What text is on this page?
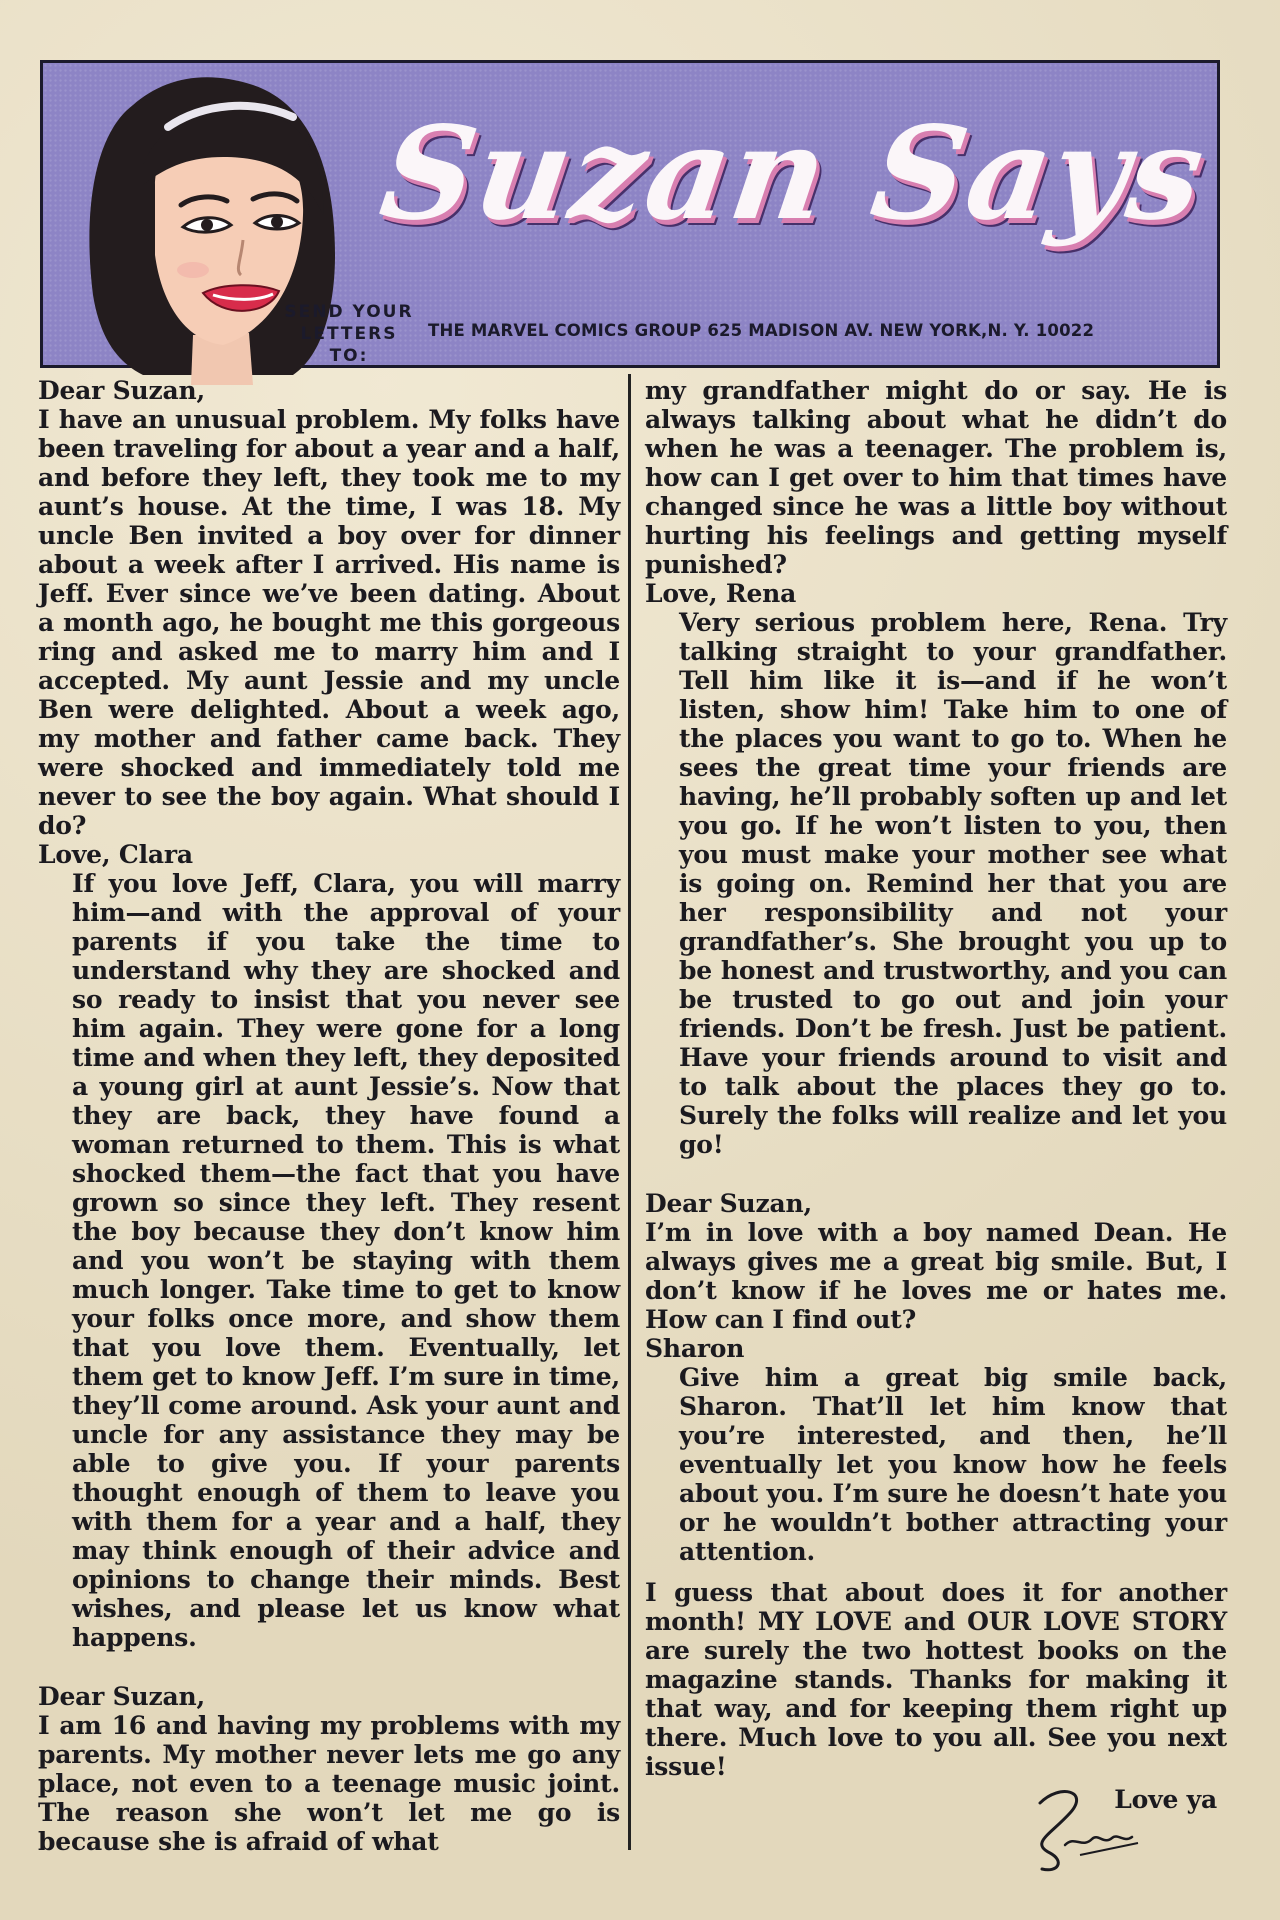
Suzan Says
SEND YOUR LETTERS TO:
THE MARVEL COMICS GROUP 625 MADISON AV. NEW YORK,N. Y. 10022

Dear Suzan,

I have an unusual problem. My folks have been traveling for about a year and a half, and before they left, they took me to my aunt’s house. At the time, I was 18. My uncle Ben invited a boy over for dinner about a week after I arrived. His name is Jeff. Ever since we’ve been dating. About a month ago, he bought me this gorgeous ring and asked me to marry him and I accepted. My aunt Jessie and my uncle Ben were delighted. About a week ago, my mother and father came back. They were shocked and immediately told me never to see the boy again. What should I do?

Love, Clara

If you love Jeff, Clara, you will marry him—and with the approval of your parents if you take the time to understand why they are shocked and so ready to insist that you never see him again. They were gone for a long time and when they left, they deposited a young girl at aunt Jessie’s. Now that they are back, they have found a woman returned to them. This is what shocked them—the fact that you have grown so since they left. They resent the boy because they don’t know him and you won’t be staying with them much longer. Take time to get to know your folks once more, and show them that you love them. Eventually, let them get to know Jeff. I’m sure in time, they’ll come around. Ask your aunt and uncle for any assistance they may be able to give you. If your parents thought enough of them to leave you with them for a year and a half, they may think enough of their advice and opinions to change their minds. Best wishes, and please let us know what happens.

Dear Suzan,

I am 16 and having my problems with my parents. My mother never lets me go any place, not even to a teenage music joint. The reason she won’t let me go is because she is afraid of what

my grandfather might do or say. He is always talking about what he didn’t do when he was a teenager. The problem is, how can I get over to him that times have changed since he was a little boy without hurting his feelings and getting myself punished?

Love, Rena

Very serious problem here, Rena. Try talking straight to your grandfather. Tell him like it is—and if he won’t listen, show him! Take him to one of the places you want to go to. When he sees the great time your friends are having, he’ll probably soften up and let you go. If he won’t listen to you, then you must make your mother see what is going on. Remind her that you are her responsibility and not your grandfather’s. She brought you up to be honest and trustworthy, and you can be trusted to go out and join your friends. Don’t be fresh. Just be patient. Have your friends around to visit and to talk about the places they go to. Surely the folks will realize and let you go!

Dear Suzan,

I’m in love with a boy named Dean. He always gives me a great big smile. But, I don’t know if he loves me or hates me. How can I find out?

Sharon

Give him a great big smile back, Sharon. That’ll let him know that you’re interested, and then, he’ll eventually let you know how he feels about you. I’m sure he doesn’t hate you or he wouldn’t bother attracting your attention.

I guess that about does it for another month! MY LOVE and OUR LOVE STORY are surely the two hottest books on the magazine stands. Thanks for making it that way, and for keeping them right up there. Much love to you all. See you next issue!

Love ya
